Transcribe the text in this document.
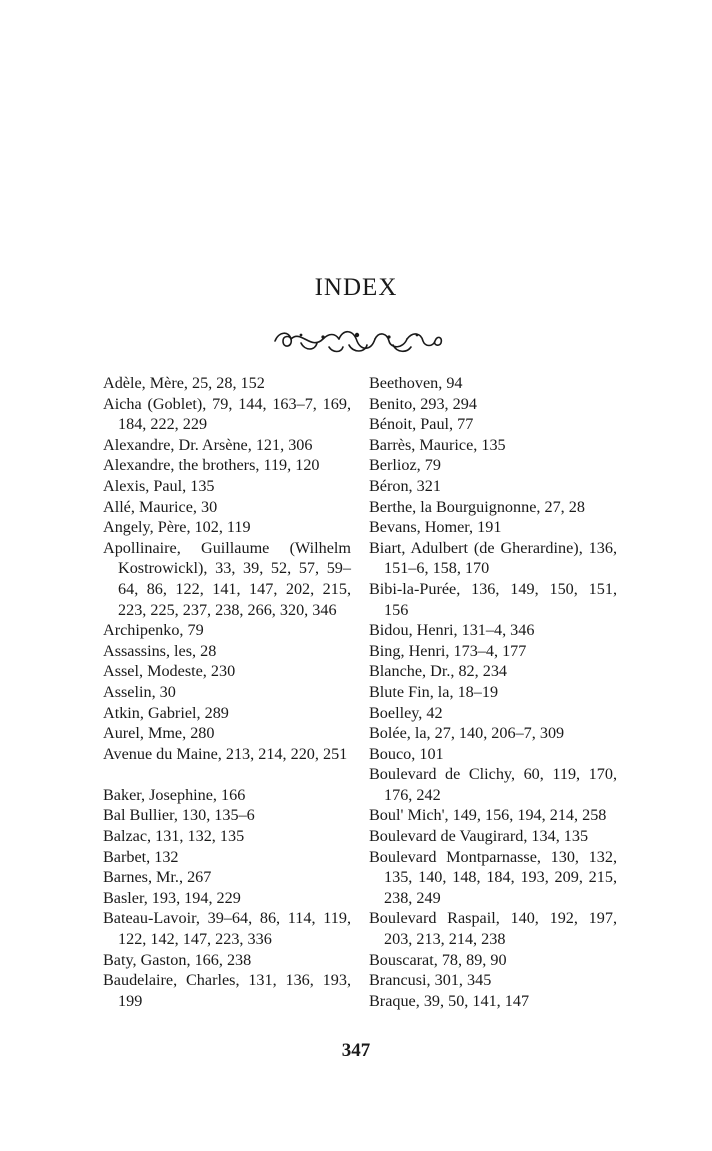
INDEX
Adèle, Mère, 25, 28, 152
Aicha (Goblet), 79, 144, 163–7, 169, 184, 222, 229
Alexandre, Dr. Arsène, 121, 306
Alexandre, the brothers, 119, 120
Alexis, Paul, 135
Allé, Maurice, 30
Angely, Père, 102, 119
Apollinaire, Guillaume (Wilhelm Kostrowickl), 33, 39, 52, 57, 59–64, 86, 122, 141, 147, 202, 215, 223, 225, 237, 238, 266, 320, 346
Archipenko, 79
Assassins, les, 28
Assel, Modeste, 230
Asselin, 30
Atkin, Gabriel, 289
Aurel, Mme, 280
Avenue du Maine, 213, 214, 220, 251
Baker, Josephine, 166
Bal Bullier, 130, 135–6
Balzac, 131, 132, 135
Barbet, 132
Barnes, Mr., 267
Basler, 193, 194, 229
Bateau-Lavoir, 39–64, 86, 114, 119, 122, 142, 147, 223, 336
Baty, Gaston, 166, 238
Baudelaire, Charles, 131, 136, 193, 199
Beethoven, 94
Benito, 293, 294
Bénoit, Paul, 77
Barrès, Maurice, 135
Berlioz, 79
Béron, 321
Berthe, la Bourguignonne, 27, 28
Bevans, Homer, 191
Biart, Adulbert (de Gherardine), 136, 151–6, 158, 170
Bibi-la-Purée, 136, 149, 150, 151, 156
Bidou, Henri, 131–4, 346
Bing, Henri, 173–4, 177
Blanche, Dr., 82, 234
Blute Fin, la, 18–19
Boelley, 42
Bolée, la, 27, 140, 206–7, 309
Bouco, 101
Boulevard de Clichy, 60, 119, 170, 176, 242
Boul' Mich', 149, 156, 194, 214, 258
Boulevard de Vaugirard, 134, 135
Boulevard Montparnasse, 130, 132, 135, 140, 148, 184, 193, 209, 215, 238, 249
Boulevard Raspail, 140, 192, 197, 203, 213, 214, 238
Bouscarat, 78, 89, 90
Brancusi, 301, 345
Braque, 39, 50, 141, 147
347
